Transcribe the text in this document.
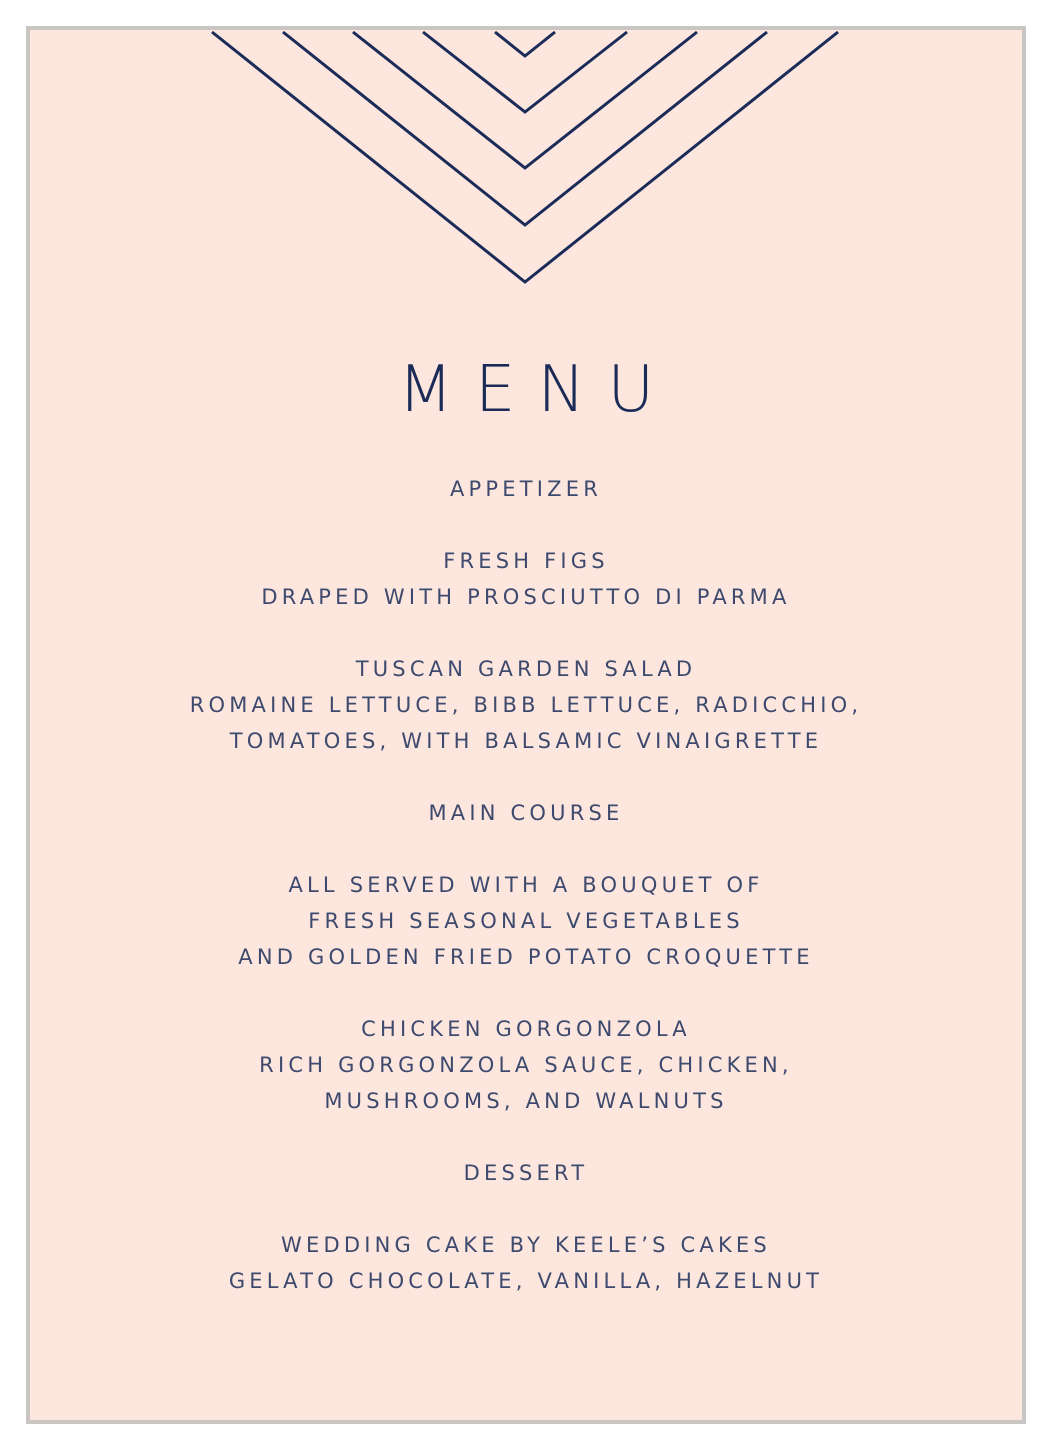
MENU
APPETIZER
FRESH FIGS
DRAPED WITH PROSCIUTTO DI PARMA
TUSCAN GARDEN SALAD
ROMAINE LETTUCE, BIBB LETTUCE, RADICCHIO,
TOMATOES, WITH BALSAMIC VINAIGRETTE
MAIN COURSE
ALL SERVED WITH A BOUQUET OF
FRESH SEASONAL VEGETABLES
AND GOLDEN FRIED POTATO CROQUETTE
CHICKEN GORGONZOLA
RICH GORGONZOLA SAUCE, CHICKEN,
MUSHROOMS, AND WALNUTS
DESSERT
WEDDING CAKE BY KEELE’S CAKES
GELATO CHOCOLATE, VANILLA, HAZELNUT
